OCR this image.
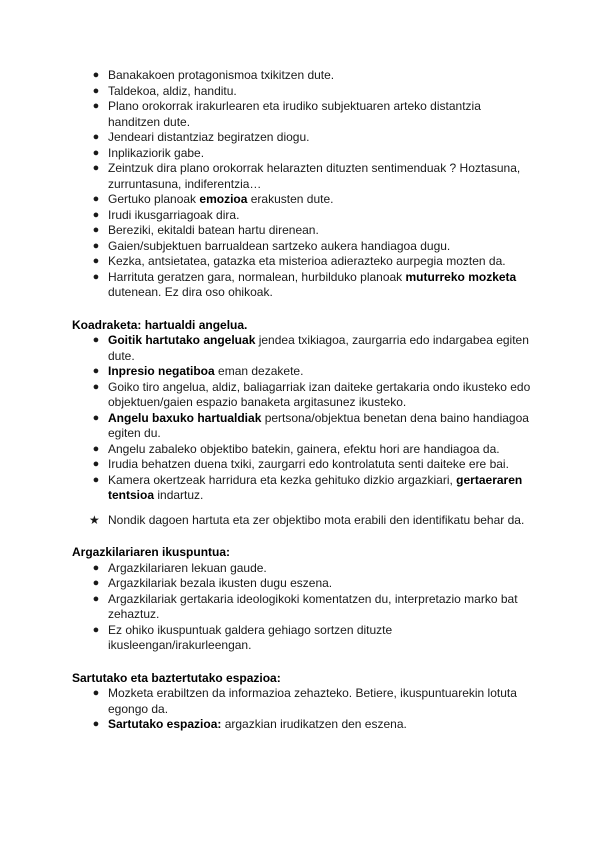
● Banakakoen protagonismoa txikitzen dute.
● Taldekoa, aldiz, handitu.
● Plano orokorrak irakurlearen eta irudiko subjektuaren arteko distantzia handitzen dute.
● Jendeari distantziaz begiratzen diogu.
● Inplikaziorik gabe.
● Zeintzuk dira plano orokorrak helarazten dituzten sentimenduak ? Hoztasuna, zurruntasuna, indiferentzia…
● Gertuko planoak emozioa erakusten dute.
● Irudi ikusgarriagoak dira.
● Bereziki, ekitaldi batean hartu direnean.
● Gaien/subjektuen barrualdean sartzeko aukera handiagoa dugu.
● Kezka, antsietatea, gatazka eta misterioa adierazteko aurpegia mozten da.
● Harrituta geratzen gara, normalean, hurbilduko planoak muturreko mozketa dutenean. Ez dira oso ohikoak.

Koadraketa: hartualdi angelua.

● Goitik hartutako angeluak jendea txikiagoa, zaurgarria edo indargabea egiten dute.
● Inpresio negatiboa eman dezakete.
● Goiko tiro angelua, aldiz, baliagarriak izan daiteke gertakaria ondo ikusteko edo objektuen/gaien espazio banaketa argitasunez ikusteko.
● Angelu baxuko hartualdiak pertsona/objektua benetan dena baino handiagoa egiten du.
● Angelu zabaleko objektibo batekin, gainera, efektu hori are handiagoa da.
● Irudia behatzen duena txiki, zaurgarri edo kontrolatuta senti daiteke ere bai.
● Kamera okertzeak harridura eta kezka gehituko dizkio argazkiari, gertaeraren tentsioa indartuz.
★ Nondik dagoen hartuta eta zer objektibo mota erabili den identifikatu behar da.

Argazkilariaren ikuspuntua:

● Argazkilariaren lekuan gaude.
● Argazkilariak bezala ikusten dugu eszena.
● Argazkilariak gertakaria ideologikoki komentatzen du, interpretazio marko bat zehaztuz.
● Ez ohiko ikuspuntuak galdera gehiago sortzen dituzte ikusleengan/irakurleengan.

Sartutako eta baztertutako espazioa:

● Mozketa erabiltzen da informazioa zehazteko. Betiere, ikuspuntuarekin lotuta egongo da.
● Sartutako espazioa: argazkian irudikatzen den eszena.
